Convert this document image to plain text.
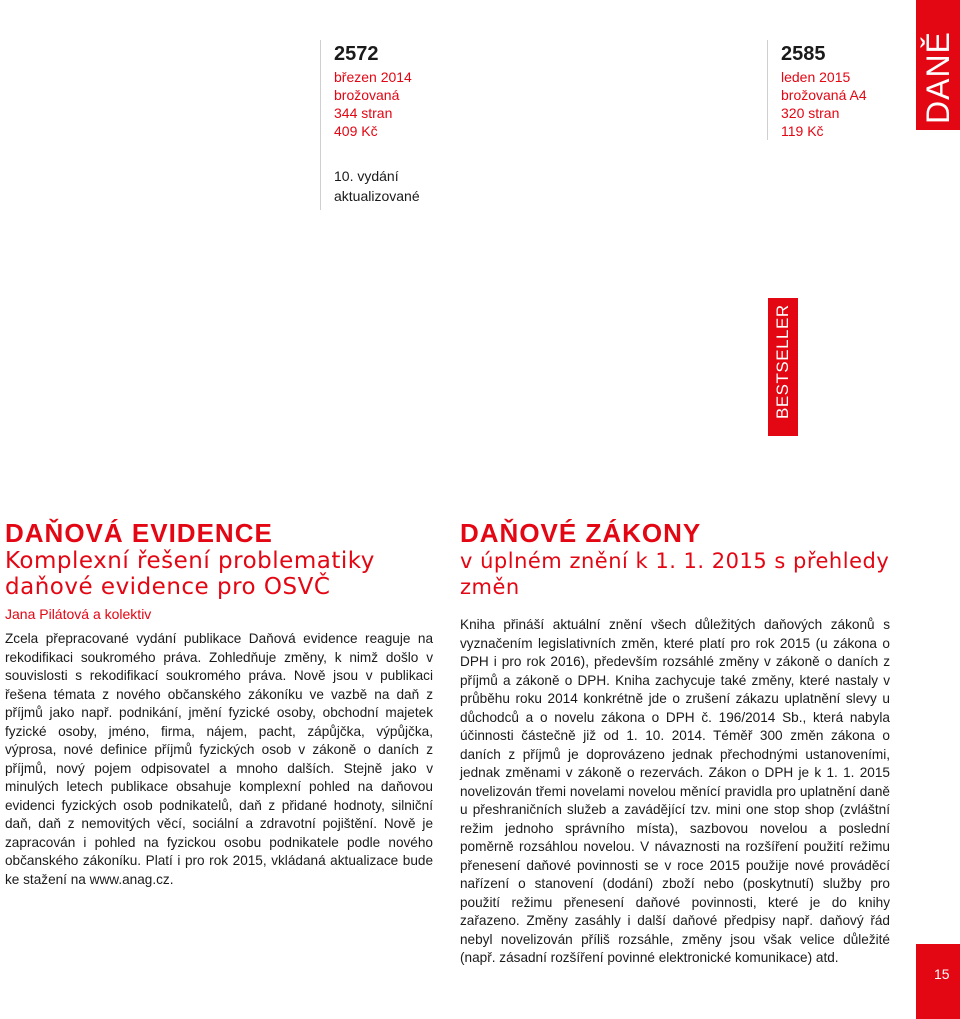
DANĚ
2572
březen 2014
brožovaná
344 stran
409 Kč
10. vydání
aktualizované
2585
leden 2015
brožovaná A4
320 stran
119 Kč
BESTSELLER
DAŇOVÁ EVIDENCE
Komplexní řešení problematiky
daňové evidence pro OSVČ
Jana Pilátová a kolektiv
Zcela přepracované vydání publikace Daňová evidence reaguje na rekodifikaci soukromého práva. Zohledňuje změny, k nimž došlo v souvislosti s rekodifikací soukromého práva. Nově jsou v publikaci řešena témata z nového občanského zákoníku ve vazbě na daň z příjmů jako např. podnikání, jmění fyzické osoby, obchodní majetek fyzické osoby, jméno, firma, nájem, pacht, zápůjčka, výpůjčka, výprosa, nové definice příjmů fyzických osob v zákoně o daních z příjmů, nový pojem odpisovatel a mnoho dalších. Stejně jako v minulých letech publikace obsahuje komplexní pohled na daňovou evidenci fyzických osob podnikatelů, daň z přidané hodnoty, silniční daň, daň z nemovitých věcí, sociální a zdravotní pojištění. Nově je zapracován i pohled na fyzickou osobu podnikatele podle nového občanského zákoníku. Platí i pro rok 2015, vkládaná aktualizace bude ke stažení na www.anag.cz.
DAŇOVÉ ZÁKONY
v úplném znění k 1. 1. 2015 s přehledy změn
Kniha přináší aktuální znění všech důležitých daňových zákonů s vyznačením legislativních změn, které platí pro rok 2015 (u zákona o DPH i pro rok 2016), především rozsáhlé změny v zákoně o daních z příjmů a zákoně o DPH. Kniha zachycuje také změny, které nastaly v průběhu roku 2014 konkrétně jde o zrušení zákazu uplatnění slevy u důchodců a o novelu zákona o DPH č. 196/2014 Sb., která nabyla účinnosti částečně již od 1. 10. 2014. Téměř 300 změn zákona o daních z příjmů je doprovázeno jednak přechodnými ustanoveními, jednak změnami v zákoně o rezervách. Zákon o DPH je k 1. 1. 2015 novelizován třemi novelami novelou měnící pravidla pro uplatnění daně u přeshraničních služeb a zavádějící tzv. mini one stop shop (zvláštní režim jednoho správního místa), sazbovou novelou a poslední poměrně rozsáhlou novelou. V návaznosti na rozšíření použití režimu přenesení daňové povinnosti se v roce 2015 použije nové prováděcí nařízení o stanovení (dodání) zboží nebo (poskytnutí) služby pro použití režimu přenesení daňové povinnosti, které je do knihy zařazeno. Změny zasáhly i další daňové předpisy např. daňový řád nebyl novelizován příliš rozsáhle, změny jsou však velice důležité (např. zásadní rozšíření povinné elektronické komunikace) atd.
15
